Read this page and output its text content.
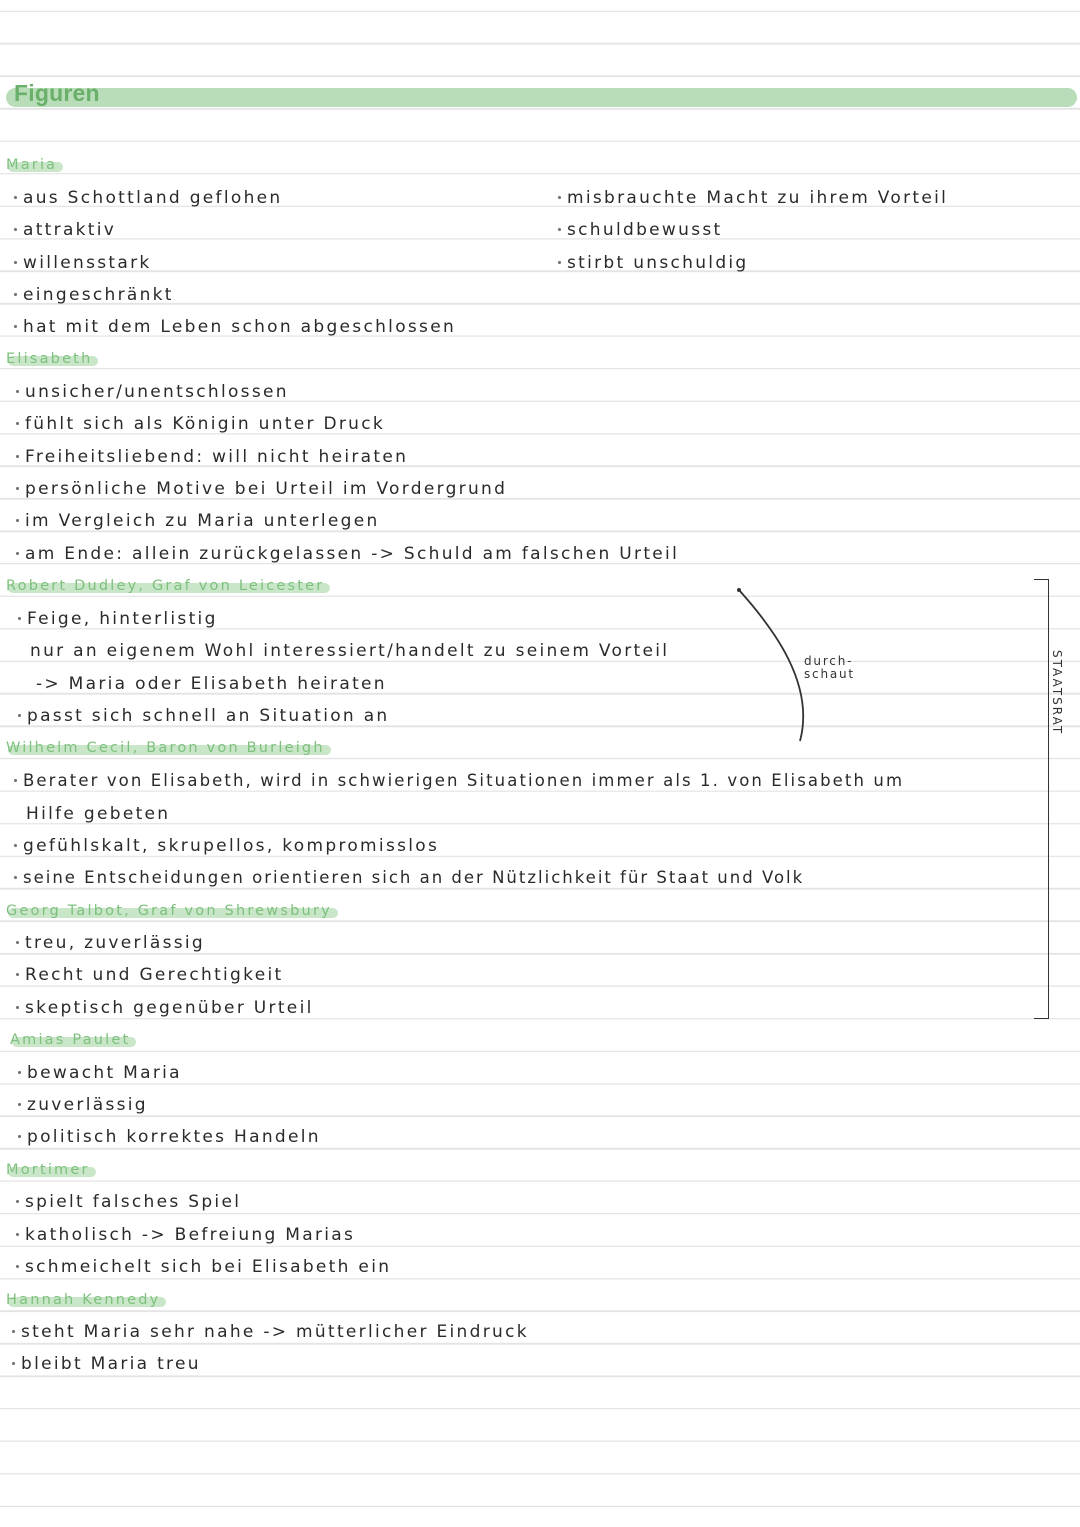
Figuren
Maria
aus Schottland geflohen
attraktiv
willensstark
eingeschränkt
hat mit dem Leben schon abgeschlossen
misbrauchte Macht zu ihrem Vorteil
schuldbewusst
stirbt unschuldig
Elisabeth
unsicher/unentschlossen
fühlt sich als Königin unter Druck
Freiheitsliebend: will nicht heiraten
persönliche Motive bei Urteil im Vordergrund
im Vergleich zu Maria unterlegen
am Ende: allein zurückgelassen -> Schuld am falschen Urteil
Robert Dudley, Graf von Leicester
Feige, hinterlistig
nur an eigenem Wohl interessiert/handelt zu seinem Vorteil
-> Maria oder Elisabeth heiraten
passt sich schnell an Situation an
durch-
schaut
Wilhelm Cecil, Baron von Burleigh
Berater von Elisabeth, wird in schwierigen Situationen immer als 1. von Elisabeth um
Hilfe gebeten
gefühlskalt, skrupellos, kompromisslos
seine Entscheidungen orientieren sich an der Nützlichkeit für Staat und Volk
Georg Talbot, Graf von Shrewsbury
treu, zuverlässig
Recht und Gerechtigkeit
skeptisch gegenüber Urteil
Amias Paulet
bewacht Maria
zuverlässig
politisch korrektes Handeln
Mortimer
spielt falsches Spiel
katholisch -> Befreiung Marias
schmeichelt sich bei Elisabeth ein
Hannah Kennedy
steht Maria sehr nahe -> mütterlicher Eindruck
bleibt Maria treu
STAATSRAT
